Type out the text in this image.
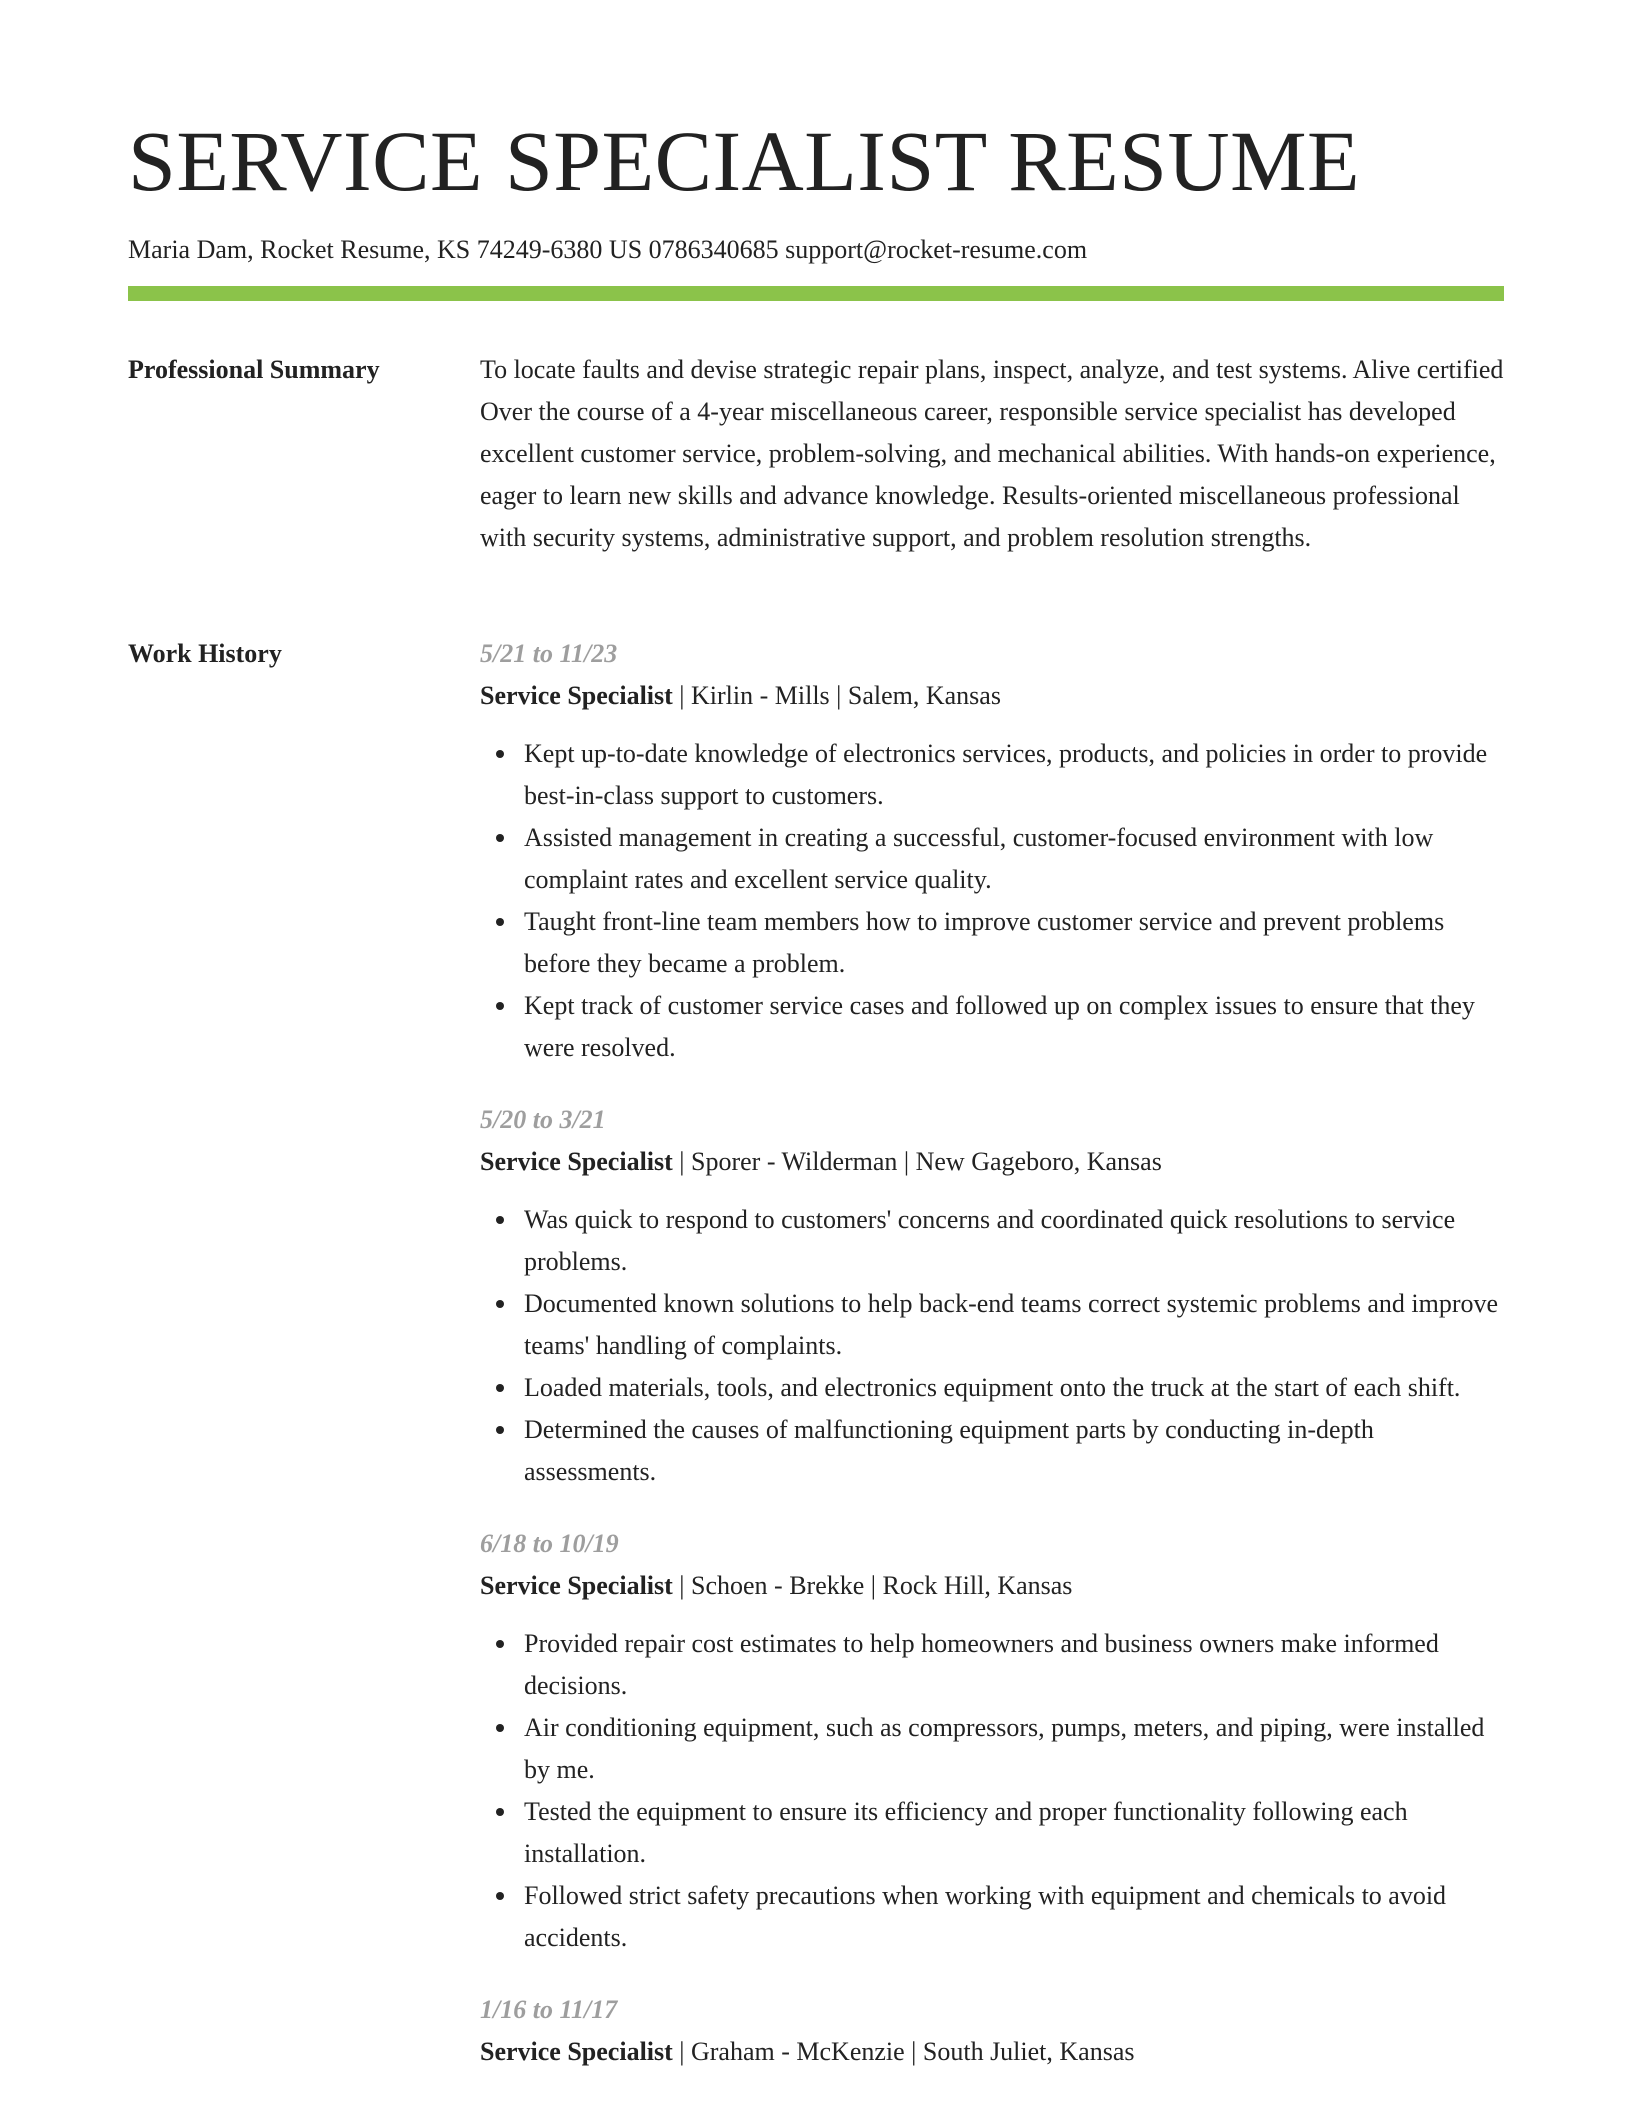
SERVICE SPECIALIST RESUME
Maria Dam, Rocket Resume, KS 74249-6380 US 0786340685 support@rocket-resume.com
Professional Summary	To locate faults and devise strategic repair plans, inspect, analyze, and test systems. Alive certified Over the course of a 4-year miscellaneous career, responsible service specialist has developed excellent customer service, problem-solving, and mechanical abilities. With hands-on experience, eager to learn new skills and advance knowledge. Results-oriented miscellaneous professional with security systems, administrative support, and problem resolution strengths.

Work History	5/21 to 11/23
Service Specialist | Kirlin - Mills | Salem, Kansas
Kept up-to-date knowledge of electronics services, products, and policies in order to provide best-in-class support to customers.
Assisted management in creating a successful, customer-focused environment with low complaint rates and excellent service quality.
Taught front-line team members how to improve customer service and prevent problems before they became a problem.
Kept track of customer service cases and followed up on complex issues to ensure that they were resolved.
5/20 to 3/21
Service Specialist | Sporer - Wilderman | New Gageboro, Kansas
Was quick to respond to customers' concerns and coordinated quick resolutions to service problems.
Documented known solutions to help back-end teams correct systemic problems and improve teams' handling of complaints.
Loaded materials, tools, and electronics equipment onto the truck at the start of each shift.
Determined the causes of malfunctioning equipment parts by conducting in-depth assessments.
6/18 to 10/19
Service Specialist | Schoen - Brekke | Rock Hill, Kansas
Provided repair cost estimates to help homeowners and business owners make informed decisions.
Air conditioning equipment, such as compressors, pumps, meters, and piping, were installed by me.
Tested the equipment to ensure its efficiency and proper functionality following each installation.
Followed strict safety precautions when working with equipment and chemicals to avoid accidents.
1/16 to 11/17
Service Specialist | Graham - McKenzie | South Juliet, Kansas
